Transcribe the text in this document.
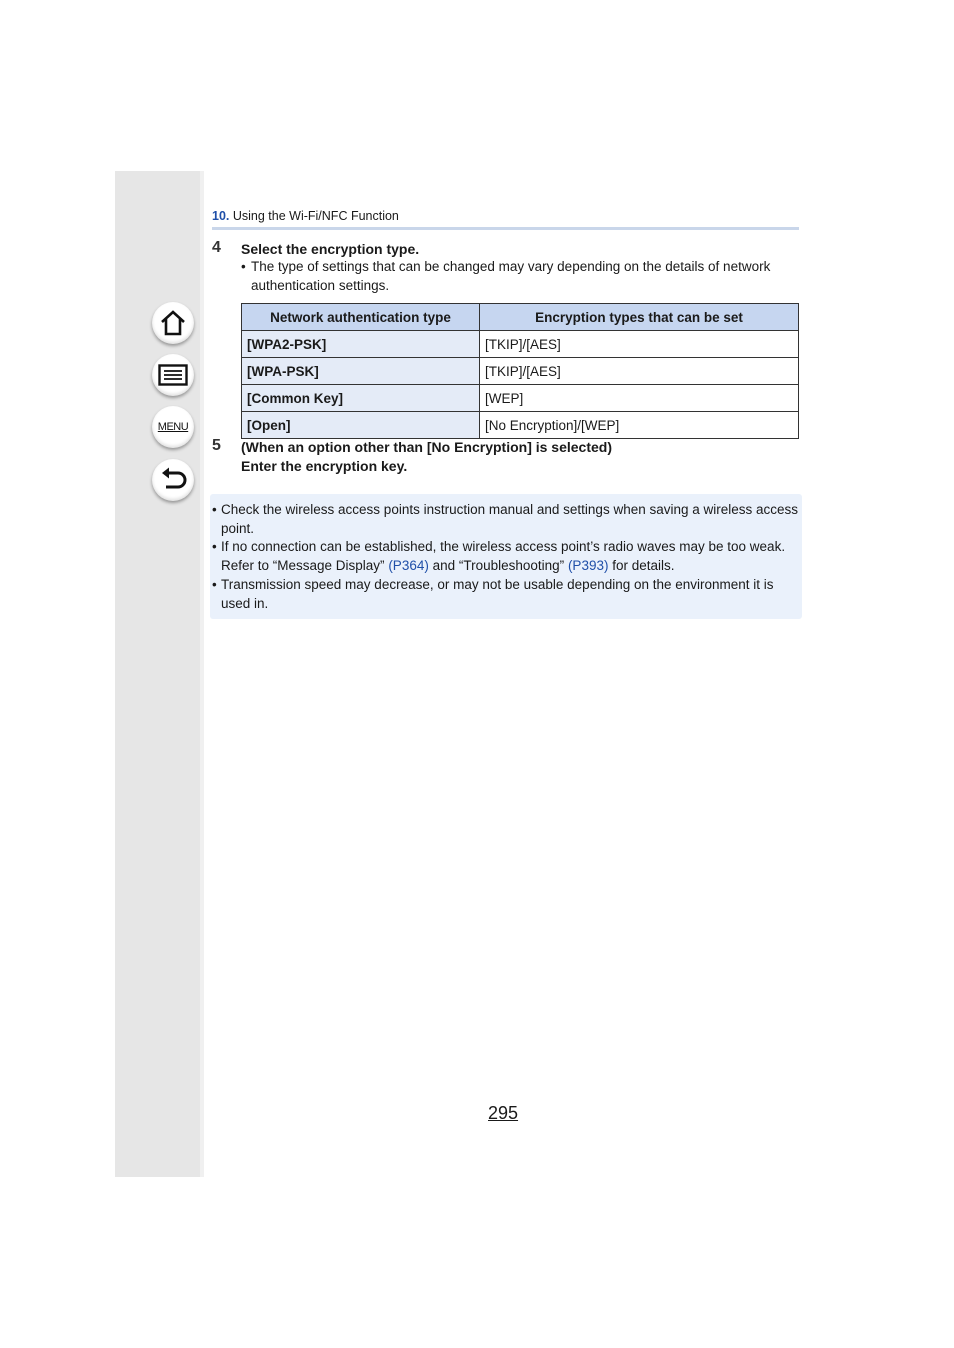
MENU
10. Using the Wi-Fi/NFC Function
4 Select the encryption type.
• The type of settings that can be changed may vary depending on the details of network authentication settings.
Network authentication type	Encryption types that can be set
[WPA2-PSK]	[TKIP]/[AES]
[WPA-PSK]	[TKIP]/[AES]
[Common Key]	[WEP]
[Open]	[No Encryption]/[WEP]
5 (When an option other than [No Encryption] is selected)
Enter the encryption key.
• Check the wireless access points instruction manual and settings when saving a wireless access point.
• If no connection can be established, the wireless access point’s radio waves may be too weak. Refer to “Message Display” (P364) and “Troubleshooting” (P393) for details.
• Transmission speed may decrease, or may not be usable depending on the environment it is used in.
295
